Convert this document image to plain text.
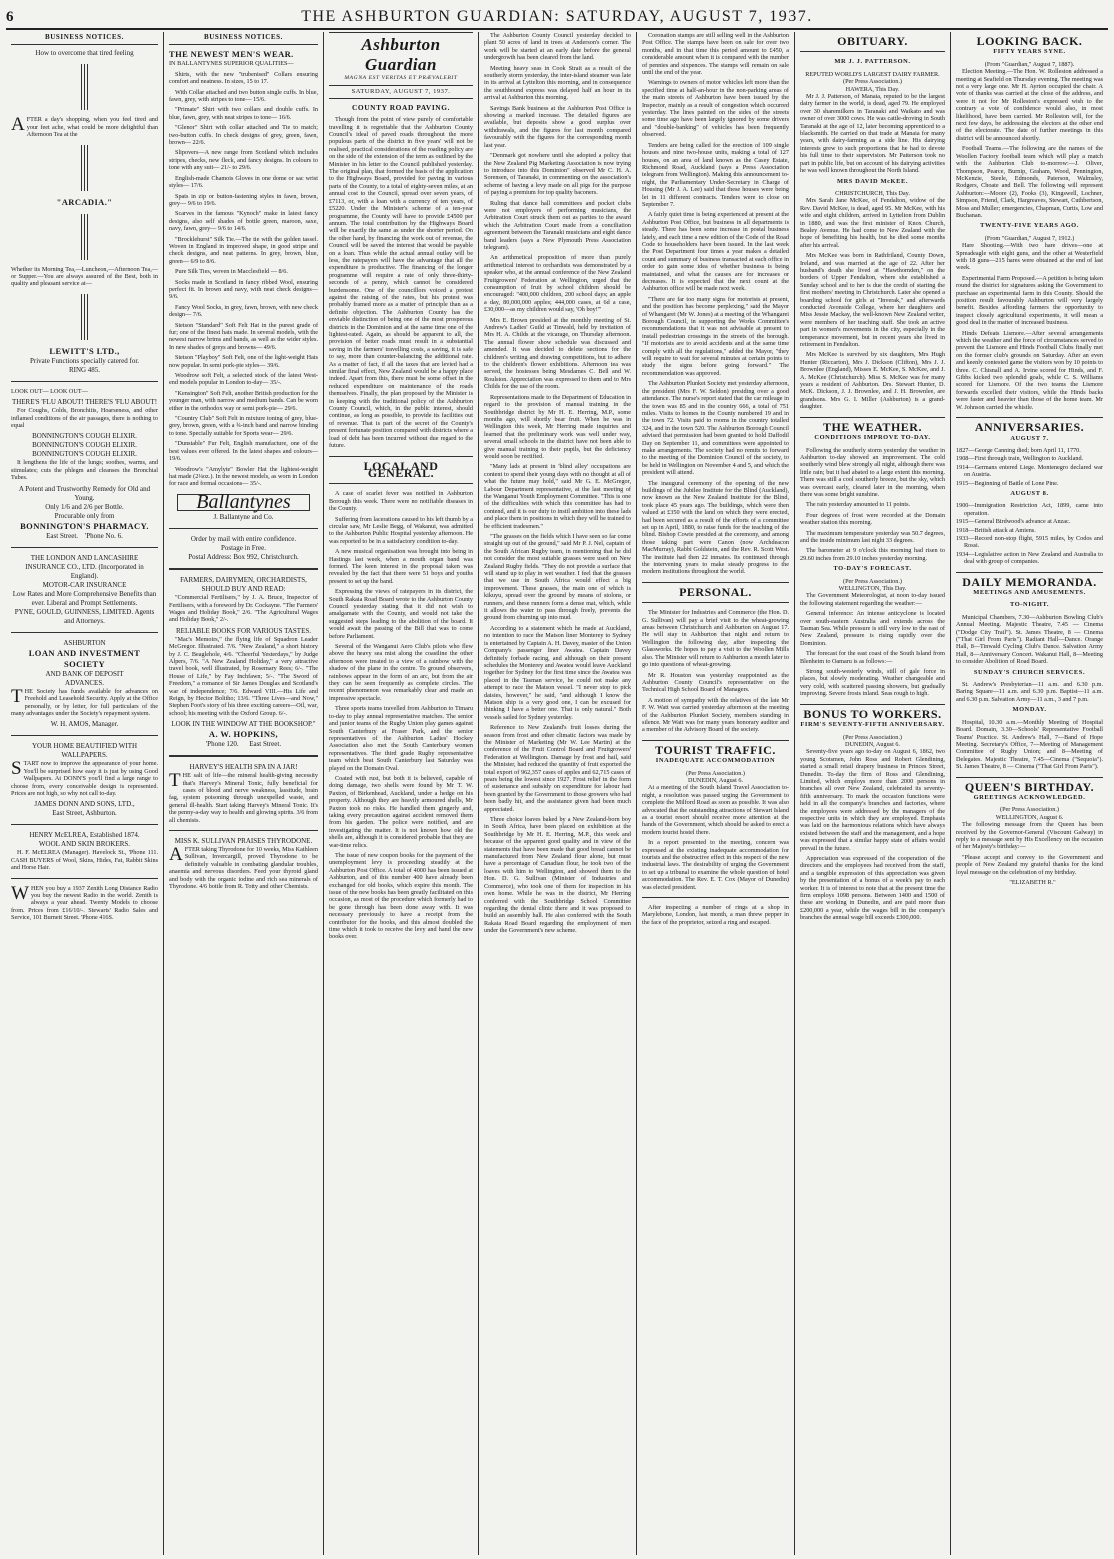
6	THE ASHBURTON GUARDIAN: SATURDAY, AUGUST 7, 1937.
BUSINESS NOTICES.
How to overcome that tired feeling

AFTER a day's shopping, when you feel tired and your feet ache, what could be more delightful than Afternoon Tea at the

"ARCADIA."

Whether its Morning Tea,—Luncheon,—Afternoon Tea,—or Supper.—You are always assured of the Best, both in quality and pleasant service at—

LEWITT'S LTD.,
Private Functions specially catered for.
RING 485.

LOOK OUT— LOOK OUT—

THERE'S 'FLU ABOUT! THERE'S 'FLU ABOUT!

For Coughs, Colds, Bronchitis, Hoarseness, and other inflamed conditions of the air passages, there is nothing to equal

BONNINGTON'S COUGH ELIXIR.
BONNINGTON'S COUGH ELIXIR.
BONNINGTON'S COUGH ELIXIR.

It lengthens the life of the lungs; soothes, warms, and stimulates; cuts the phlegm and cleanses the Bronchial Tubes.

A Potent and Trustworthy Remedy for Old and Young.
Only 1/6 and 2/6 per Bottle.
Procurable only from
BONNINGTON'S PHARMACY.
East Street. 'Phone No. 6.
THE LONDON AND LANCASHIRE INSURANCE CO., LTD. (Incorporated in England).
MOTOR-CAR INSURANCE
Low Rates and More Comprehensive Benefits than ever. Liberal and Prompt Settlements.
PYNE, GOULD, GUINNESS, LIMITED. Agents and Attorneys.
ASHBURTON
LOAN AND INVESTMENT SOCIETY
AND BANK OF DEPOSIT
ADVANCES.

THE Society has funds available for advances on Freehold and Leasehold Security. Apply at the Office personally, or by letter, for full particulars of the many advantages under the Society's repayment system.

W. H. AMOS, Manager.
YOUR HOME BEAUTIFIED WITH WALLPAPERS.

START now to improve the appearance of your home. You'll be surprised how easy it is just by using Good Wallpapers. At DONN'S you'll find a large range to choose from, every conceivable design is represented. Prices are not high, so why not call to-day.

JAMES DONN AND SONS, LTD.,
East Street, Ashburton.
HENRY McELREA, Established 1874.
WOOL AND SKIN BROKERS.

H. F. McELREA (Manager). Havelock St., 'Phone 111. CASH BUYERS of Wool, Skins, Hides, Fat, Rabbit Skins and Horse Hair.

WHEN you buy a 1937 Zenith Long Distance Radio you buy the newest Radio in the world. Zenith is always a year ahead. Twenty Models to choose from. Prices from £16/10/-. Stewarts' Radio Sales and Service, 101 Burnett Street. 'Phone 416S.

BUSINESS NOTICES.
THE NEWEST MEN'S WEAR.

IN BALLANTYNES SUPERIOR QUALITIES—

Shirts, with the new "trubenised" Collars ensuring comfort and neatness. In sizes, 15 to 17.

With Collar attached and two button single cuffs. In blue, fawn, grey, with stripes to tone— 15/6.

"Primate" Shirt with two collars and double cuffs. In blue, fawn, grey, with neat stripes to tone— 16/6.

"Glenor" Shirt with collar attached and Tie to match; two-button cuffs. In check designs of grey, green, fawn, brown— 22/6.

Slipovers—A new range from Scotland which includes stripes, checks, new fleck, and fancy designs. In colours to tone with any suit— 21/- to 29/6.

English-made Chamois Gloves in one dome or sac wrist styles— 17/6.

Spats in zip or button-fastening styles in fawn, brown, grey— 9/6 to 19/6.

Scarves in the famous "Kynoch" make in latest fancy designs, also self shades of bottle green, maroon, saxe, navy, fawn, grey— 9/6 to 14/6.

"Brocklehurst" Silk Tie.—The tie with the golden tassel. Woven in England in improved shape, in good stripe and check designs, and neat patterns. In grey, brown, blue, green— 6/9 to 8/6.

Pure Silk Ties, woven in Macclesfield — 8/6.

Socks made in Scotland in fancy ribbed Wool, ensuring perfect fit. In brown and navy, with neat check designs— 9/6.

Fancy Wool Socks, in grey, fawn, brown, with new check design— 7/6.

Stetson "Standard" Soft Felt Hat in the purest grade of fur; one of the finest hats made. In several models, with the newest narrow brims and bands, as well as the wider styles. In new shades of greys and browns— 49/6.

Stetson "Playboy" Soft Felt, one of the light-weight Hats now popular. In semi pork-pie styles— 39/6.

Woodrow soft Felt, a selected stock of the latest West-end models popular in London to-day— 35/-.

"Kensington" Soft Felt, another British production for the younger man, with narrow and medium bands. Can be worn either in the orthodox way or semi pork-pie— 29/6.

"Country Club" Soft Felt in mixture toning of grey, blue-grey, brown, green, with a ¾-inch band and narrow binding to tone. Specially suitable for Sports wear— 29/6.

"Dunstable" Fur Felt, English manufacture, one of the best values ever offered. In the latest shapes and colours— 19/6.

Woodrow's "Amylyte" Bowler Hat the lightest-weight hat made (2¼oz.). In the newest models, as worn in London for race and formal occasions— 35/-.

Ballantynes
J. Ballantyne and Co.
Order by mail with entire confidence.
Postage in Free.
Postal Address: Box 992, Christchurch.
FARMERS, DAIRYMEN, ORCHARDISTS, SHOULD BUY AND READ:

"Commercial Fertilisers," by J. A. Bruce, Inspector of Fertilisers, with a foreword by Dr. Cockayne. "The Farmers' Wages and Holiday Book," 2/6. "The Agricultural Wages and Holiday Book," 2/-.

RELIABLE BOOKS FOR VARIOUS TASTES.

"Mac's Memoirs," the flying life of Squadron Leader McGregor. Illustrated. 7/6. "New Zealand," a short history by J. C. Beaglehole, 4/6. "Cheerful Yesterdays," by Judge Alpers, 7/6. "A New Zealand Holiday," a very attractive travel book, well illustrated, by Rosemary Rees; 6/-. "The House of Life," by Fay Inchfawn; 5/-. "The Sword of Freedom," a romance of Sir James Douglas and Scotland's war of independence; 7/6. Edward VIII.—His Life and Reign, by Hector Bolitho; 13/6. "Three Lives—and Now," Stephen Foot's story of his three exciting careers—Oil, war, school; his meeting with the Oxford Group. 6/-.

LOOK IN THE WINDOW AT THE BOOKSHOP."
A. W. HOPKINS,
'Phone 120. East Street.
HARVEY'S HEALTH SPA IN A JAR!

THE salt of life—the mineral health-giving necessity that's Harvey's Mineral Tonic, fully beneficial for cases of blood and nerve weakness, lassitude, brain fag, system poisoning through unexpelled waste, and general ill-health. Start taking Harvey's Mineral Tonic. It's the penny-a-day way to health and glowing spirits. 3/6 from all chemists.

MISS K. SULLIVAN PRAISES THYRODONE.

AFTER taking Thyrodone for 10 weeks, Miss Kathleen Sullivan, Invercargill, proved Thyrodone to be definitely valuable in combating glandular troubles, anaemia and nervous disorders. Feed your thyroid gland and body with the organic iodine and rich sea minerals of Thyrodone. 4/6 bottle from R. Totty and other Chemists.

Ashburton Guardian
MAGNA EST VERITAS ET PRÆVALEBIT
SATURDAY, AUGUST 7, 1937.
COUNTY ROAD PAVING.

Though from the point of view purely of comfortable travelling it is regrettable that the Ashburton County Council's ideal of paved roads throughout the more populous parts of the district in five years' will not be realised, practical considerations of the roading policy are on the side of the extension of the term as outlined by the Minister in his letter to the Council published yesterday. The original plan, that formed the basis of the application to the Highways Board, provided for paving in various parts of the County, to a total of eighty-seven miles, at an annual cost to the Council, spread over seven years, of £7113, or, with a loan with a currency of ten years, of £5220. Under the Minister's scheme of a ten-year programme, the County will have to provide £4500 per annum. The total contribution by the Highways Board will be exactly the same as under the shorter period. On the other hand, by financing the work out of revenue, the Council will be saved the interest that would be payable on a loan. Thus while the actual annual outlay will be less, the ratepayers will have the advantage that all the expenditure is productive. The financing of the longer programme will require a rate of only three-thirty-seconds of a penny, which cannot be considered burdensome. One of the councillors voiced a protest against the raising of the rates, but his protest was probably framed more as a matter of principle than as a definite objection. The Ashburton County has the enviable distinction of being one of the most prosperous districts in the Dominion and at the same time one of the lightest-rated. Again, as should be apparent to all, the provision of better roads must result in a substantial saving in the farmers' travelling costs, a saving, it is safe to say, more than counter-balancing the additional rate. As a matter of fact, if all the taxes that are levied had a similar final effect, New Zealand would be a happy place indeed. Apart from this, there must be some offset in the reduced expenditure on maintenance of the roads themselves. Finally, the plan proposed by the Minister is in keeping with the traditional policy of the Ashburton County Council, which, in the public interest, should continue, as long as possible, to provide its facilities out of revenue. That is part of the secret of the County's present fortunate position compared with districts where a load of debt has been incurred without due regard to the future.

LOCAL AND GENERAL.

A case of scarlet fever was notified in Ashburton Borough this week. There were no notifiable diseases in the County.

Suffering from lacerations caused to his left thumb by a circular saw, Mr Leslie Begg, of Wakanui, was admitted to the Ashburton Public Hospital yesterday afternoon. He was reported to be in a satisfactory condition to-day.

A new musical organisation was brought into being in Hastings last week, when a mouth organ band was formed. The keen interest in the proposal taken was revealed by the fact that there were 51 boys and youths present to set up the band.

Expressing the views of ratepayers in its district, the South Rakaia Road Board wrote to the Ashburton County Council yesterday stating that it did not wish to amalgamate with the County, and would not take the suggested steps leading to the abolition of the board. It would await the passing of the Bill that was to come before Parliament.

Several of the Wanganui Aero Club's pilots who flew above the heavy sea mist along the coastline the other afternoon were treated to a view of a rainbow with the shadow of the plane in the centre. To ground observers, rainbows appear in the form of an arc, but from the air they can be seen frequently as complete circles. The recent phenomenon was remarkably clear and made an impressive spectacle.

Three sports teams travelled from Ashburton to Timaru to-day to play annual representative matches. The senior and junior teams of the Rugby Union play games against South Canterbury at Fraser Park, and the senior representatives of the Ashburton Ladies' Hockey Association also met the South Canterbury women representatives. The third grade Rugby representative team which beat South Canterbury last Saturday was played on the Domain Oval.

Coated with rust, but both it is believed, capable of doing damage, two shells were found by Mr T. W. Paxton, of Birkenhead, Auckland, under a hedge on his property. Although they are heavily armoured shells, Mr Paxton took no risks. He handled them gingerly and, taking every precaution against accident removed them from his garden. The police were notified, and are investigating the matter. It is not known how old the shells are, although it is considered probable that they are war-time relics.

The issue of new coupon books for the payment of the unemployment levy is proceeding steadily at the Ashburton Post Office. A total of 4000 has been issued at Ashburton, and of this number 400 have already been exchanged for old books, which expire this month. The issue of the new books has been greatly facilitated on this occasion, as most of the procedure which formerly had to be gone through has been done away with. It was necessary previously to have a receipt from the contributor for the books, and this almost doubled the time which it took to receive the levy and hand the new books over.

The Ashburton County Council yesterday decided to plant 50 acres of land in trees at Anderson's corner. The work will be started at an early date before the general undergrowth has been cleared from the land.

Meeting heavy seas in Cook Strait as a result of the southerly storm yesterday, the inter-island steamer was late in its arrival at Lyttelton this morning, and in consequence the southbound express was delayed half an hour in its arrival at Ashburton this morning.

Savings Bank business at the Ashburton Post Office is showing a marked increase. The detailed figures are available, but deposits show a good surplus over withdrawals, and the figures for last month compared favourably with the figures for the corresponding month last year.

"Denmark got nowhere until she adopted a policy that the New Zealand Pig Marketing Association is now trying to introduce into this Dominion" observed Mr C. H. A. Sorensen, of Taranaki, in commenting on the association's scheme of having a levy made on all pigs for the purpose of paying a premium for top quality baconers.

Ruling that dance hall committees and pocket clubs were not employers of performing musicians, the Arbitration Court struck them out as parties to the award which the Arbitration Court made from a conciliation agreement between the Taranaki musicians and eight dance band leaders (says a New Plymouth Press Association telegram).

An arithmetical proposition of more than purely arithmetical interest to orchardists was demonstrated by a speaker who, at the annual conference of the New Zealand Fruitgrowers' Federation at Wellington, urged that the consumption of fruit by school children should be encouraged: "400,000 children, 200 school days; an apple a day, 80,000,000 apples; 444,000 cases, at 6d a case, £30,000—as my children would say, 'Oh boy!'"

Mrs E. Brown presided at the monthly meeting of St. Andrew's Ladies' Guild at Tinwald, held by invitation of Mrs H. A. Childs at the vicarage, on Thursday afternoon. The annual flower show schedule was discussed and amended. It was decided to delete sections for the children's writing and drawing competitions, but to adhere to the children's flower exhibitions. Afternoon tea was served, the hostesses being Mesdames C. Bell and W. Roulston. Appreciation was expressed to them and to Mrs Childs for the use of the room.

Representations made to the Department of Education in regard to the provision of manual training in the Southbridge district by Mr H. E. Herring, M.P., some months ago, will shortly bear fruit. When he was in Wellington this week, Mr Herring made inquiries and learned that the preliminary work was well under way, several small schools in the district have not been able to give manual training to their pupils, but the deficiency would soon be rectified.

"Many lads at present in 'blind alley' occupations are content to spend their young days with no thought at all of what the future may hold," said Mr G. E. McGregor, Labour Department representative, at the last meeting of the Wanganui Youth Employment Committee. "This is one of the difficulties with which this committee has had to contend, and it is our duty to instil ambition into these lads and place them in positions in which they will be trained to be efficient tradesmen."

"The grasses on the fields which I have seen so far come straight up out of the ground," said Mr P. J. Nel, captain of the South African Rugby team, in mentioning that he did not consider the most suitable grasses were used on New Zealand Rugby fields. "They do not provide a surface that will stand up to play in wet weather. I feel that the grasses that we use in South Africa would effect a big improvement. These grasses, the main one of which is kikuyu, spread over the ground by means of stolons, or runners, and these runners form a dense mat, which, while it allows the water to pass through freely, prevents the ground from churning up into mud.

According to a statement which he made at Auckland, no intention to race the Matson liner Monterey to Sydney is entertained by Captain A. H. Davey, master of the Union Company's passenger liner Awatea. Captain Davey definitely forbade racing, and although on their present schedules the Monterey and Awatea would leave Auckland together for Sydney for the first time since the Awatea was placed in the Tasman service, he could not make any attempt to race the Matson vessel. "I never stop to pick daisies, however," he said, "and although I know the Matson ship is a very good one, I can be excused for thinking I have a better one. That is only natural." Both vessels sailed for Sydney yesterday.

Reference to New Zealand's fruit losses during the season from frost and other climatic factors was made by the Minister of Marketing (Mr W. Lee Martin) at the conference of the Fruit Control Board and Fruitgrowers' Federation at Wellington. Damage by frost and hail, said the Minister, had reduced the quantity of fruit exported the total export of 962,357 cases of apples and 62,715 cases of pears being the lowest since 1927. Frost relief in the form of sustenance and subsidy on expenditure for labour had been granted by the Government to those growers who had been badly hit, and the assistance given had been much appreciated.

Three choice loaves baked by a New Zealand-born boy in South Africa, have been placed on exhibition at the Southbridge by Mr H. E. Herring, M.P., this week and because of the apparent good quality and in view of the statements that have been made that good bread cannot be manufactured from New Zealand flour alone, but must have a percentage of Canadian flour, he took two of the loaves with him to Wellington, and showed them to the Hon. D. G. Sullivan (Minister of Industries and Commerce), who took one of them for inspection in his own home. While he was in the district, Mr Herring conferred with the Southbridge School Committee regarding the dental clinic there and it was proposed to build an assembly hall. He also conferred with the South Rakaia Road Board regarding the employment of men under the Government's new scheme.

Coronation stamps are still selling well in the Ashburton Post Office. The stamps have been on sale for over two months, and in that time this period amount to £450, a considerable amount when it is compared with the number of pennies and sixpences. The stamps will remain on sale until the end of the year.

Warnings to owners of motor vehicles left more than the specified time at half-an-hour in the non-parking areas of the main streets of Ashburton have been issued by the Inspector, mainly as a result of congestion which occurred yesterday. The lines painted on the sides of the streets some time ago have been largely ignored by some drivers and "double-banking" of vehicles has been frequently observed.

Tenders are being called for the erection of 109 single houses and nine two-house units, making a total of 127 houses, on an area of land known as the Casey Estate, Richmond Road, Auckland (says a Press Association telegram from Wellington). Making this announcement to-night, the Parliamentary Under-Secretary in Charge of Housing (Mr J. A. Lee) said that these houses were being let in 11 different contracts. Tenders were to close on September 7.

A fairly quiet time is being experienced at present at the Ashburton Post Office, but business in all departments is steady. There has been some increase in postal business lately, and each time a new edition of the Code of the Road Code to householders have been issued. In the last week the Post Department four times a year makes a detailed count and summary of business transacted at each office in order to gain some idea of whether business is being maintained, and what the causes are for increases or decreases. It is expected that the next count at the Ashburton office will be made next week.

"There are far too many signs for motorists at present, and the position has become perplexing," said the Mayor of Whangarei (Mr W. Jones) at a meeting of the Whangarei Borough Council, in supporting the Works Committee's recommendations that it was not advisable at present to install pedestrian crossings in the streets of the borough. "If motorists are to avoid accidents and at the same time comply with all the regulations," added the Mayor, "they will require to wait for several minutes at certain points to study the signs before going forward." The recommendation was approved.

The Ashburton Plunket Society met yesterday afternoon, the president (Mrs F. W. Seldon) presiding over a good attendance. The nurse's report stated that the car mileage in the town was 85 and in the country 666, a total of 751 miles. Visits to homes in the County numbered 19 and in the town 72. Visits paid to rooms in the country totalled 324, and in the town 520. The Ashburton Borough Council advised that permission had been granted to hold Daffodil Day on September 11, and committees were appointed to make arrangements. The society had no remits to forward to the meeting of the Dominion Council of the society, to be held in Wellington on November 4 and 5, and which the president will attend.

The inaugural ceremony of the opening of the new buildings of the Jubilee Institute for the Blind (Auckland), now known as the New Zealand Institute for the Blind, took place 45 years ago. The buildings, which were then valued at £350 with the land on which they were erected, had been secured as a result of the efforts of a committee set up in April, 1880, to raise funds for the teaching of the blind. Bishop Cowie presided at the ceremony, and among those taking part were Canon (now Archdeacon MacMurray), Rabbi Goldstein, and the Rev. R. Scott West. The institute had then 22 inmates. Its continued through the intervening years to make steady progress to the modern institutions throughout the world.

PERSONAL.

The Minister for Industries and Commerce (the Hon. D. G. Sullivan) will pay a brief visit to the wheat-growing areas between Christchurch and Ashburton on August 17. He will stay in Ashburton that night and return to Wellington the following day, after inspecting the Glassworks. He hopes to pay a visit to the Woollen Mills also. The Minister will return to Ashburton a month later to go into questions of wheat-growing.

Mr R. Houston was yesterday reappointed as the Ashburton County Council's representative on the Technical High School Board of Managers.

A motion of sympathy with the relatives of the late Mr F. W. Watt was carried yesterday afternoon at the meeting of the Ashburton Plunket Society, members standing in silence. Mr Watt was for many years honorary auditor and a member of the Advisory Board of the society.

TOURIST TRAFFIC.
INADEQUATE ACCOMMODATION
(Per Press Association.)
DUNEDIN, August 6.

At a meeting of the South Island Travel Association to-night, a resolution was passed urging the Government to complete the Milford Road as soon as possible. It was also advocated that the outstanding attractions of Stewart Island as a tourist resort should receive more attention at the hands of the Government, which should be asked to erect a modern tourist hostel there.

In a report presented to the meeting, concern was expressed at the existing inadequate accommodation for tourists and the obstructive effect in this respect of the new industrial laws. The desirability of urging the Government to set up a tribunal to examine the whole question of hotel accommodation. The Rev. E. T. Cox (Mayor of Dunedin) was elected president.

After inspecting a number of rings at a shop in Marylebone, London, last month, a man threw pepper in the face of the proprietor, seized a ring and escaped.

OBITUARY.
MR J. J. PATTERSON.
REPUTED WORLD'S LARGEST DAIRY FARMER.
(Per Press Association.)
HAWERA, This Day.

Mr J. J. Patterson, of Manaia, reputed to be the largest dairy farmer in the world, is dead, aged 79. He employed over 30 sharemilkers in Taranaki and Waikato and was owner of over 3000 cows. He was cattle-droving in South Taranaki at the age of 12, later becoming apprenticed to a blacksmith. He carried on that trade at Manaia for many years, with dairy-farming as a side line. His dairying interests grew to such proportions that he had to devote his full time to their supervision. Mr Patterson took no part in public life, but on account of his dairying activities he was well known throughout the North Island.

MRS DAVID McKEE.
CHRISTCHURCH, This Day.

Mrs Sarah Jane McKee, of Fendalton, widow of the Rev. David McKee, is dead, aged 95. Mr McKee, with his wife and eight children, arrived in Lyttelton from Dublin in 1880, and was the first minister of Knox Church, Bealey Avenue. He had come to New Zealand with the hope of benefiting his health, but he died some months after his arrival.

Mrs McKee was born in Rathfriland, County Down, Ireland, and was married at the age of 22. After her husband's death she lived at "Hawthornden," on the borders of Upper Fendalton, where she established a Sunday school and to her is due the credit of starting the first mothers' meeting in Christchurch. Later she opened a boarding school for girls at "Inverak," and afterwards conducted Avonside College, where her daughters and Miss Jessie Mackay, the well-known New Zealand writer, were members of her teaching staff. She took an active part in women's movements in the city, especially in the temperance movement, but in recent years she lived in retirement in Fendalton.

Mrs McKee is survived by six daughters, Mrs Hugh Hunter (Riccarton), Mrs J. Dickson (Clifton), Mrs J. J. Brownlee (England), Misses E. McKee, S. McKee, and J. A. McKee (Christchurch). Miss S. McKee was for many years a resident of Ashburton. Drs. Stewart Hunter, D. McK. Dickson, J. J. Brownlee, and J. H. Brownlee, are grandsons. Mrs G. I. Miller (Ashburton) is a grand-daughter.

THE WEATHER.
CONDITIONS IMPROVE TO-DAY.

Following the southerly storm yesterday the weather in Ashburton to-day showed an improvement. The cold southerly wind blew strongly all night, although there was little rain; but it had abated to a large extent this morning. There was still a cool southerly breeze, but the sky, which was overcast early, cleared later in the morning, when there was some bright sunshine.

The rain yesterday amounted to 11 points.

Four degrees of frost were recorded at the Domain weather station this morning.

The maximum temperature yesterday was 50.7 degrees, and the inside minimum last night 33 degrees.

The barometer at 9 o'clock this morning had risen to 29.60 inches from 29.10 inches yesterday morning.

TO-DAY'S FORECAST.
(Per Press Association.)
WELLINGTON, This Day.

The Government Meteorologist, at noon to-day issued the following statement regarding the weather:—

General inference: An intense anticyclone is located over south-eastern Australia and extends across the Tasman Sea. While pressure is still very low to the east of New Zealand, pressure is rising rapidly over the Dominion.

The forecast for the east coast of the South Island from Blenheim to Oamaru is as follows:—

Strong south-westerly winds, still of gale force in places, but slowly moderating. Weather changeable and very cold, with scattered passing showers, but gradually improving. Severe frosts inland. Seas rough to high.

BONUS TO WORKERS.
FIRM'S SEVENTY-FIFTH ANNIVERSARY.
(Per Press Association.)
DUNEDIN, August 6.

Seventy-five years ago to-day on August 6, 1862, two young Scotsmen, John Ross and Robert Glendining, started a small retail drapery business in Princes Street, Dunedin. To-day the firm of Ross and Glendining, Limited, which employs more than 2000 persons in branches all over New Zealand, celebrated its seventy-fifth anniversary. To mark the occasion functions were held in all the company's branches and factories, where the employees were addressed by the managers of the respective units in which they are employed. Emphasis was laid on the harmonious relations which have always existed between the staff and the management, and a hope was expressed that a similar happy state of affairs would prevail in the future.

Appreciation was expressed of the cooperation of the directors and the employees had received from the staff, and a tangible expression of this appreciation was given by the presentation of a bonus of a week's pay to each worker. It is of interest to note that at the present time the firm employs 1098 persons. Between 1400 and 1500 of these are working in Dunedin, and are paid more than £200,000 a year, while the wages bill in the company's branches the annual wage bill exceeds £300,000.

LOOKING BACK.
FIFTY YEARS SYNE.
(From "Guardian," August 7, 1887).

Election Meeting.—The Hon. W. Rolleston addressed a meeting at Seafield on Thursday evening. The meeting was not a very large one. Mr H. Ayrton occupied the chair. A vote of thanks was carried at the close of the address, and were it not for Mr Rolleston's expressed wish to the contrary a vote of confidence would also, in most likelihood, have been carried. Mr Rolleston will, for the next few days, be addressing the electors at the other end of the electorate. The date of further meetings in this district will be announced shortly.

Football Teams.—The following are the names of the Woollen Factory football team which will play a match with the Ashburton Club to-morrow:—J. Oliver, Thompson, Pearce, Burnip, Graham, Wood, Pennington, McKenzie, Steele, Edmonds, Paterson, Walmsley, Rodgers, Choate and Bell. The following will represent Ashburton:—Moore (2), Fooks (3), Kingswell, Lochner, Simpson, Friend, Clark, Hargreaves, Stewart, Cuthbertson, Moss and Muller; emergencies, Chapman, Curtis, Low and Buchanan.

TWENTY-FIVE YEARS AGO.
(From "Guardian," August 7, 1912.)

Hare Shooting.—With two hare drives—one at Spreadeagle with eight guns, and the other at Westerfield with 18 guns—215 hares were obtained at the end of last week.

Experimental Farm Proposed.—A petition is being taken round the district for signatures asking the Government to purchase an experimental farm in this County. Should the position result favourably Ashburton will very largely benefit. Besides affording farmers the opportunity to inspect closely agricultural experiments, it will mean a good deal in the matter of increased business.

Hinds Defeats Lismore.—After several arrangements which the weather and the force of circumstances served to prevent the Lismore and Hinds Football Clubs finally met on the former club's grounds on Saturday. After an even and keenly contested game the visitors won by 10 points to three. C. Chisnall and A. Irvine scored for Hinds, and F. Gibbs kicked two splendid goals, while C. S. Williams scored for Lismore. Of the two teams the Lismore forwards excelled their visitors, while the Hinds backs were faster and heavier than those of the home team. Mr W. Johnson carried the whistle.

ANNIVERSARIES.
AUGUST 7.

1827—George Canning died; born April 11, 1770.

1908—First through train, Wellington to Auckland.

1914—Germans entered Liege. Montenegro declared war on Austria.

1915—Beginning of Battle of Lone Pine.

AUGUST 8.

1900—Immigration Restriction Act, 1899, came into operation.

1915—General Birdwood's advance at Anzac.

1918—British attack at Amiens.

1933—Record non-stop flight, 5915 miles, by Codos and Rossi.

1934—Legislative action in New Zealand and Australia to deal with group of companies.

DAILY MEMORANDA.
MEETINGS AND AMUSEMENTS.
TO-NIGHT.

Municipal Chambers, 7.30—Ashburton Bowling Club's Annual Meeting. Majestic Theatre, 7.45 — Cinema ("Dodge City Trail"). St. James Theatre, 8 — Cinema ("That Girl From Paris"). Radiant Hall—Dance. Orange Hall, 8—Tinwald Cycling Club's Dance. Salvation Army Hall, 8—Anniversary Concert. Wakanui Hall, 8—Meeting to consider Abolition of Road Board.

SUNDAY'S CHURCH SERVICES.

St. Andrew's Presbyterian—11 a.m. and 6.30 p.m. Baring Square—11 a.m. and 6.30 p.m. Baptist—11 a.m. and 6.30 p.m. Salvation Army—11 a.m., 3 and 7 p.m.

MONDAY.

Hospital, 10.30 a.m.—Monthly Meeting of Hospital Board. Domain, 3.30—Schools' Representative Football Teams' Practice. St. Andrew's Hall, 7—Band of Hope Meeting. Secretary's Office, 7—Meeting of Management Committee of Rugby Union; and 8—Meeting of Delegates. Majestic Theatre, 7.45—Cinema ("Sequoia"). St. James Theatre, 8 — Cinema ("That Girl From Paris").

QUEEN'S BIRTHDAY.
GREETINGS ACKNOWLEDGED.
(Per Press Association.)
WELLINGTON, August 6.

The following message from the Queen has been received by the Governor-General (Viscount Galway) in reply to a message sent by His Excellency on the occasion of her Majesty's birthday:—

"Please accept and convey to the Government and people of New Zealand my grateful thanks for the kind loyal message on the celebration of my birthday.

"ELIZABETH R."
